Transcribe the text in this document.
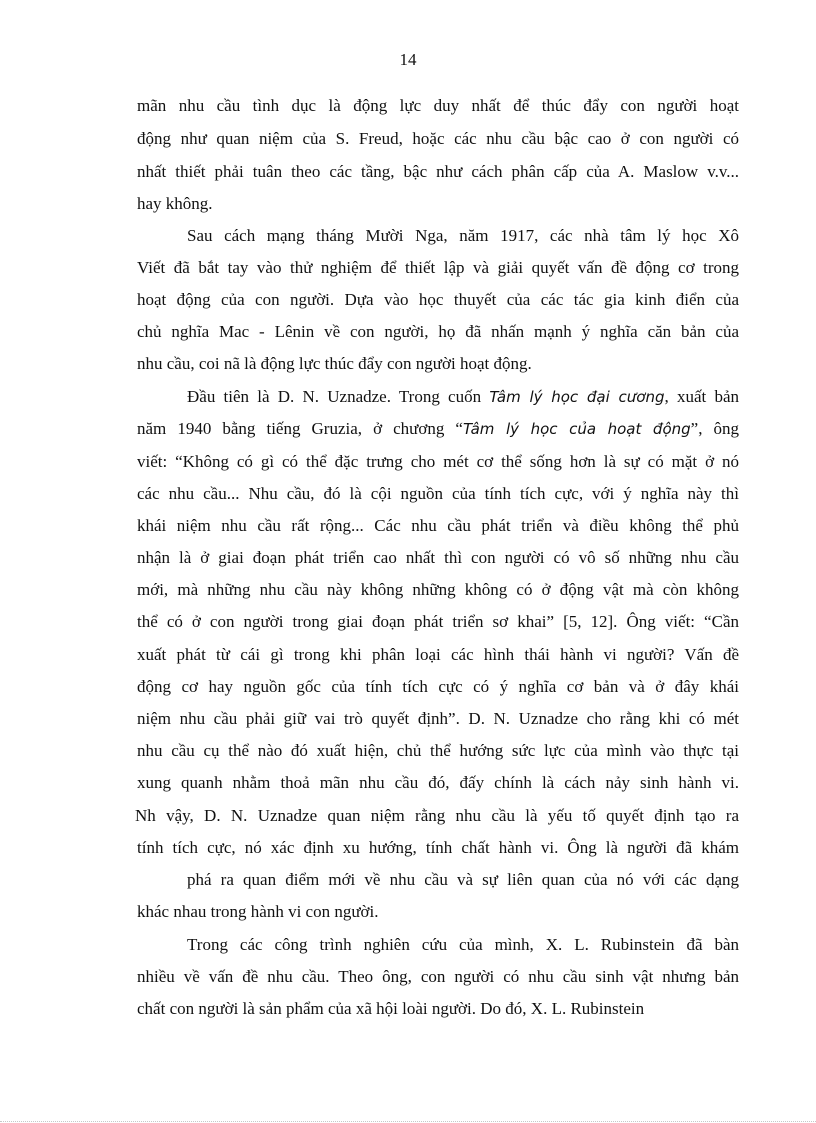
14
mãn nhu cầu tình dục là động lực duy nhất để thúc đẩy con người hoạt
động như quan niệm của S. Freud, hoặc các nhu cầu bậc cao ở con người có
nhất thiết phải tuân theo các tầng, bậc như cách phân cấp của A. Maslow v.v...
hay không.
Sau cách mạng tháng Mười Nga, năm 1917, các nhà tâm lý học Xô
Viết đã bắt tay vào thử nghiệm để thiết lập và giải quyết vấn đề động cơ trong
hoạt động của con người. Dựa vào học thuyết của các tác gia kinh điển của
chủ nghĩa Mac - Lênin về con người, họ đã nhấn mạnh ý nghĩa căn bản của
nhu cầu, coi nã là động lực thúc đẩy con người hoạt động.
Đầu tiên là D. N. Uznadze. Trong cuốn Tâm lý học đại cương, xuất bản
năm 1940 bằng tiếng Gruzia, ở chương “Tâm lý học của hoạt động”, ông
viết: “Không có gì có thể đặc trưng cho mét cơ thể sống hơn là sự có mặt ở nó
các nhu cầu... Nhu cầu, đó là cội nguồn của tính tích cực, với ý nghĩa này thì
khái niệm nhu cầu rất rộng... Các nhu cầu phát triển và điều không thể phủ
nhận là ở giai đoạn phát triển cao nhất thì con người có vô số những nhu cầu
mới, mà những nhu cầu này không những không có ở động vật mà còn không
thể có ở con người trong giai đoạn phát triển sơ khai” [5, 12]. Ông viết: “Cần
xuất phát từ cái gì trong khi phân loại các hình thái hành vi người? Vấn đề
động cơ hay nguồn gốc của tính tích cực có ý nghĩa cơ bản và ở đây khái
niệm nhu cầu phải giữ vai trò quyết định”. D. N. Uznadze cho rằng khi có mét
nhu cầu cụ thể nào đó xuất hiện, chủ thể hướng sức lực của mình vào thực tại
xung quanh nhằm thoả mãn nhu cầu đó, đấy chính là cách nảy sinh hành vi.
Nh vậy, D. N. Uznadze quan niệm rằng nhu cầu là yếu tố quyết định tạo ra
tính tích cực, nó xác định xu hướng, tính chất hành vi. Ông là người đã khám
phá ra quan điểm mới về nhu cầu và sự liên quan của nó với các dạng
khác nhau trong hành vi con người.
Trong các công trình nghiên cứu của mình, X. L. Rubinstein đã bàn
nhiều về vấn đề nhu cầu. Theo ông, con người có nhu cầu sinh vật nhưng bản
chất con người là sản phẩm của xã hội loài người. Do đó, X. L. Rubinstein
